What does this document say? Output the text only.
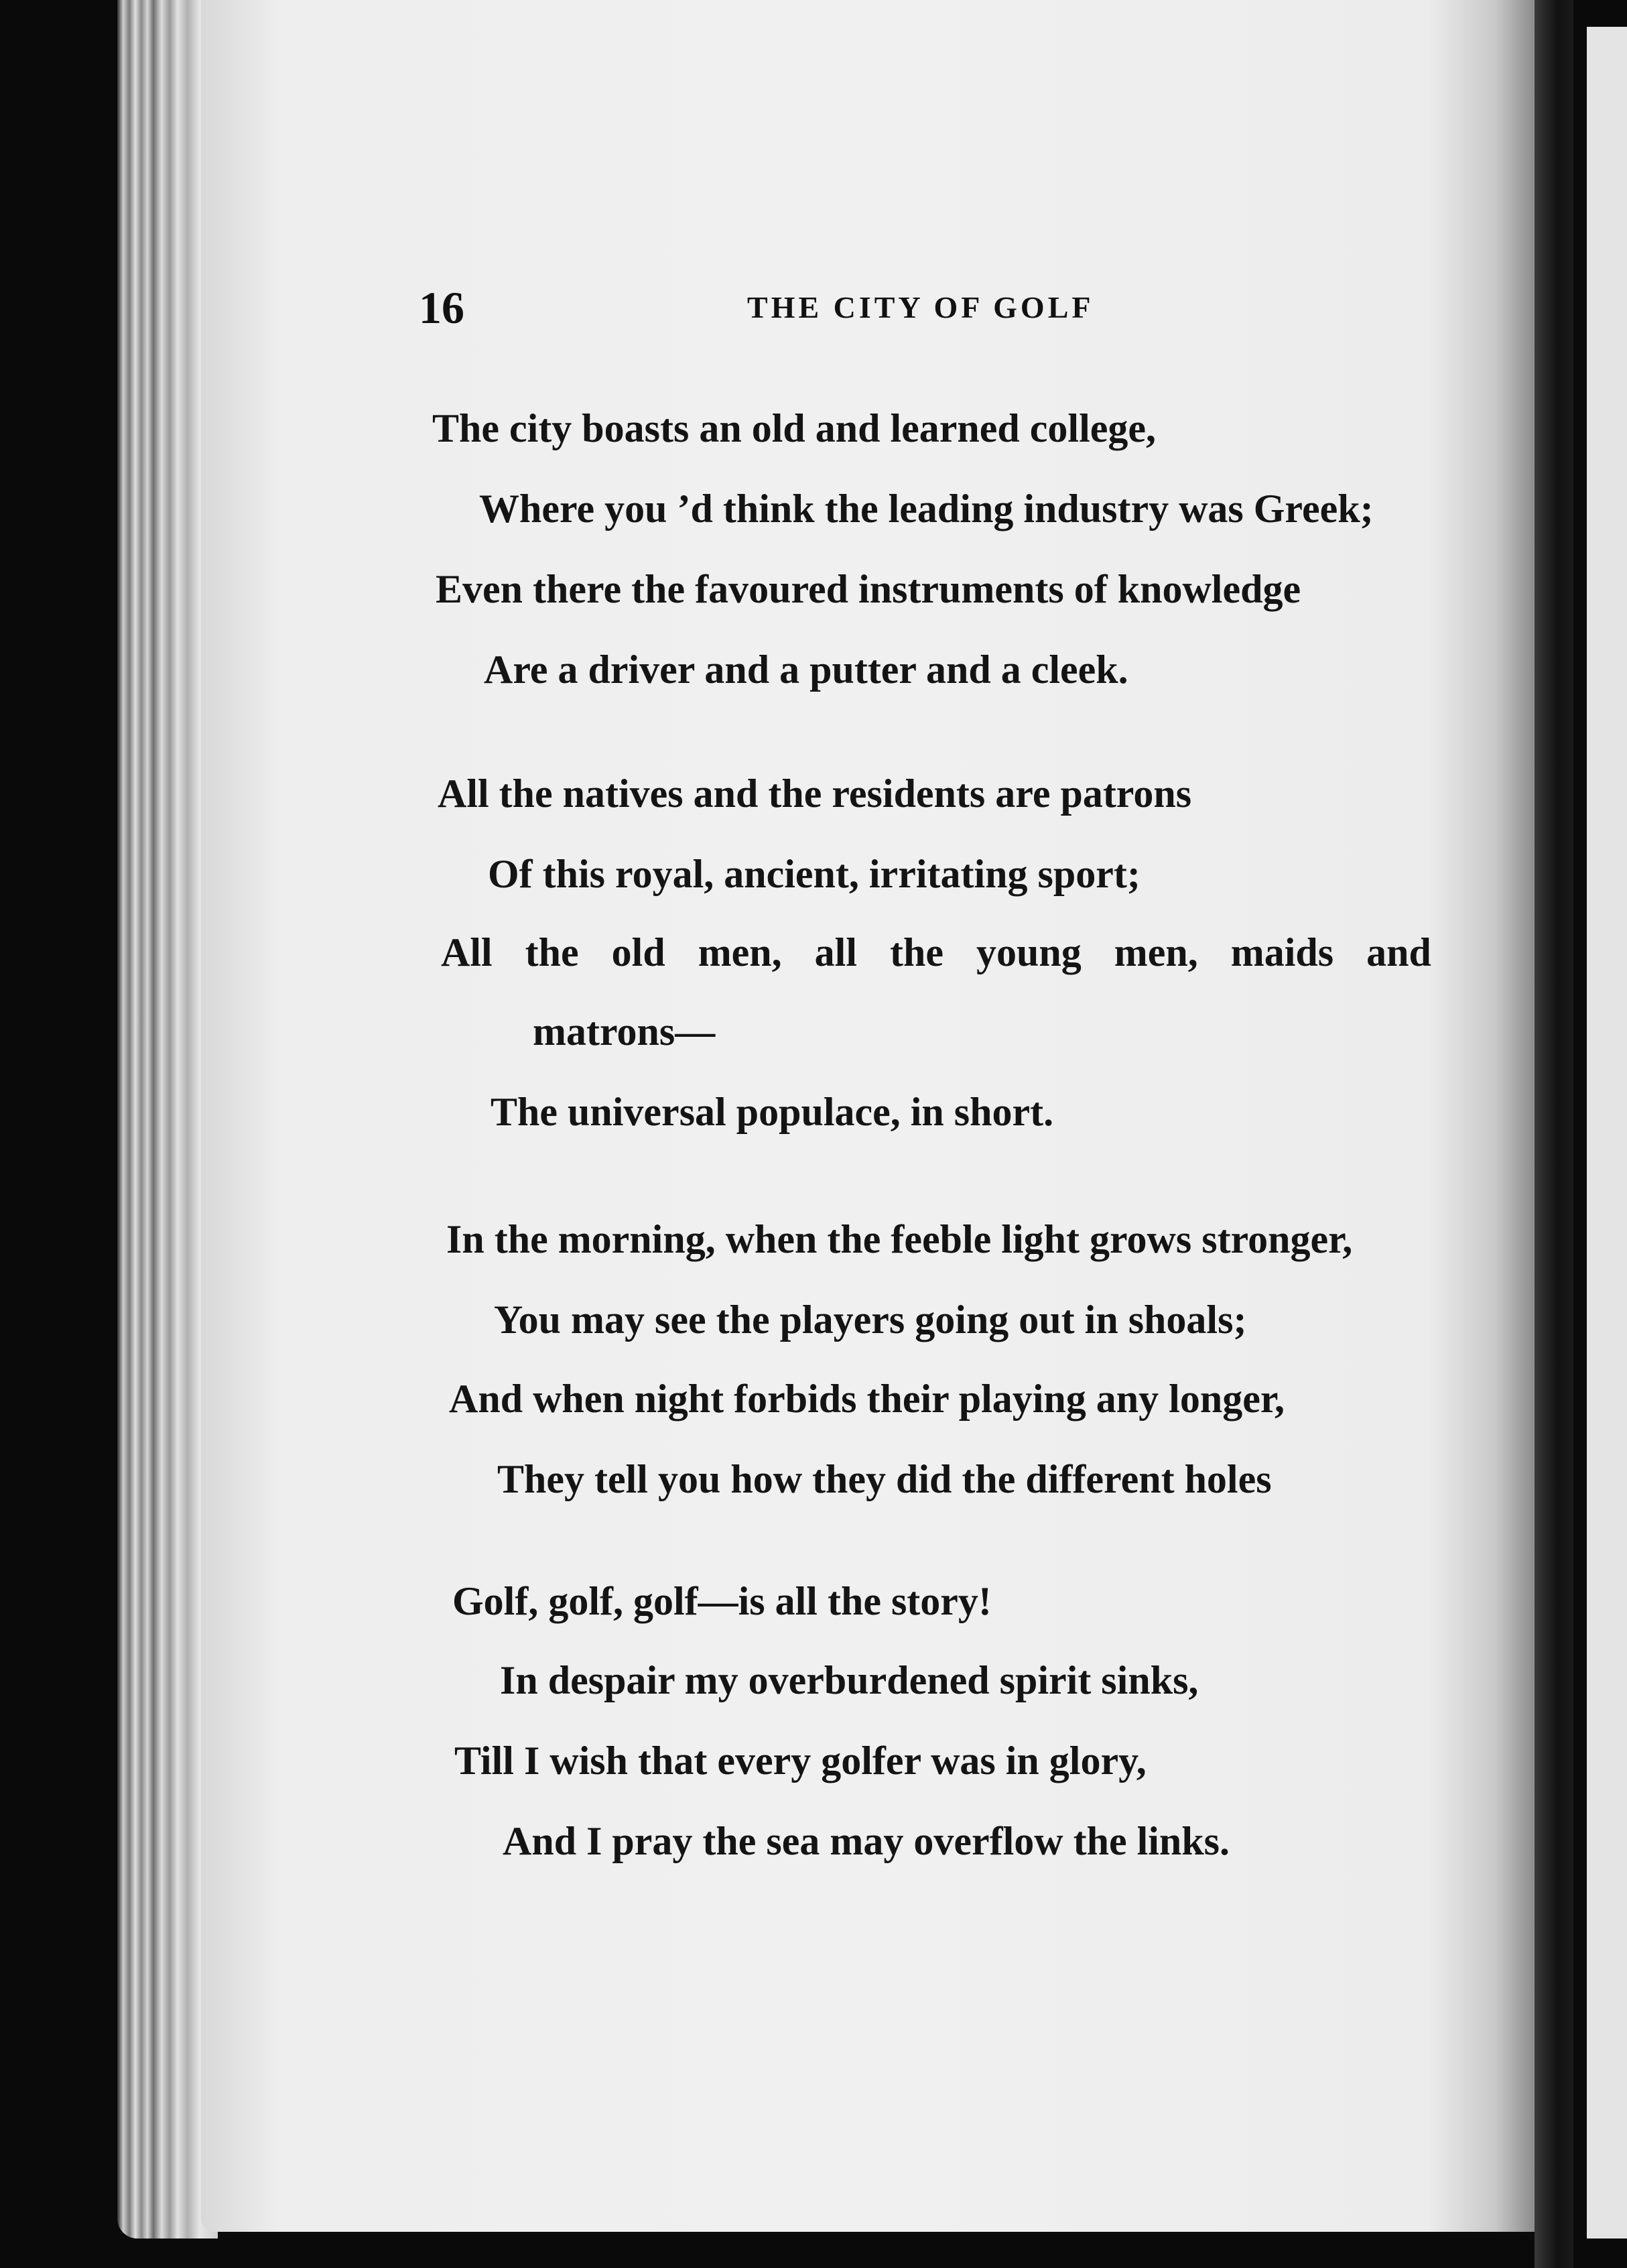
16	THE CITY OF GOLF
The city boasts an old and learned college,
Where you ’d think the leading industry was Greek;
Even there the favoured instruments of knowledge
Are a driver and a putter and a cleek.
All the natives and the residents are patrons
Of this royal, ancient, irritating sport;
All the old men, all the young men, maids and
matrons—
The universal populace, in short.
In the morning, when the feeble light grows stronger,
You may see the players going out in shoals;
And when night forbids their playing any longer,
They tell you how they did the different holes
Golf, golf, golf—is all the story!
In despair my overburdened spirit sinks,
Till I wish that every golfer was in glory,
And I pray the sea may overflow the links.
